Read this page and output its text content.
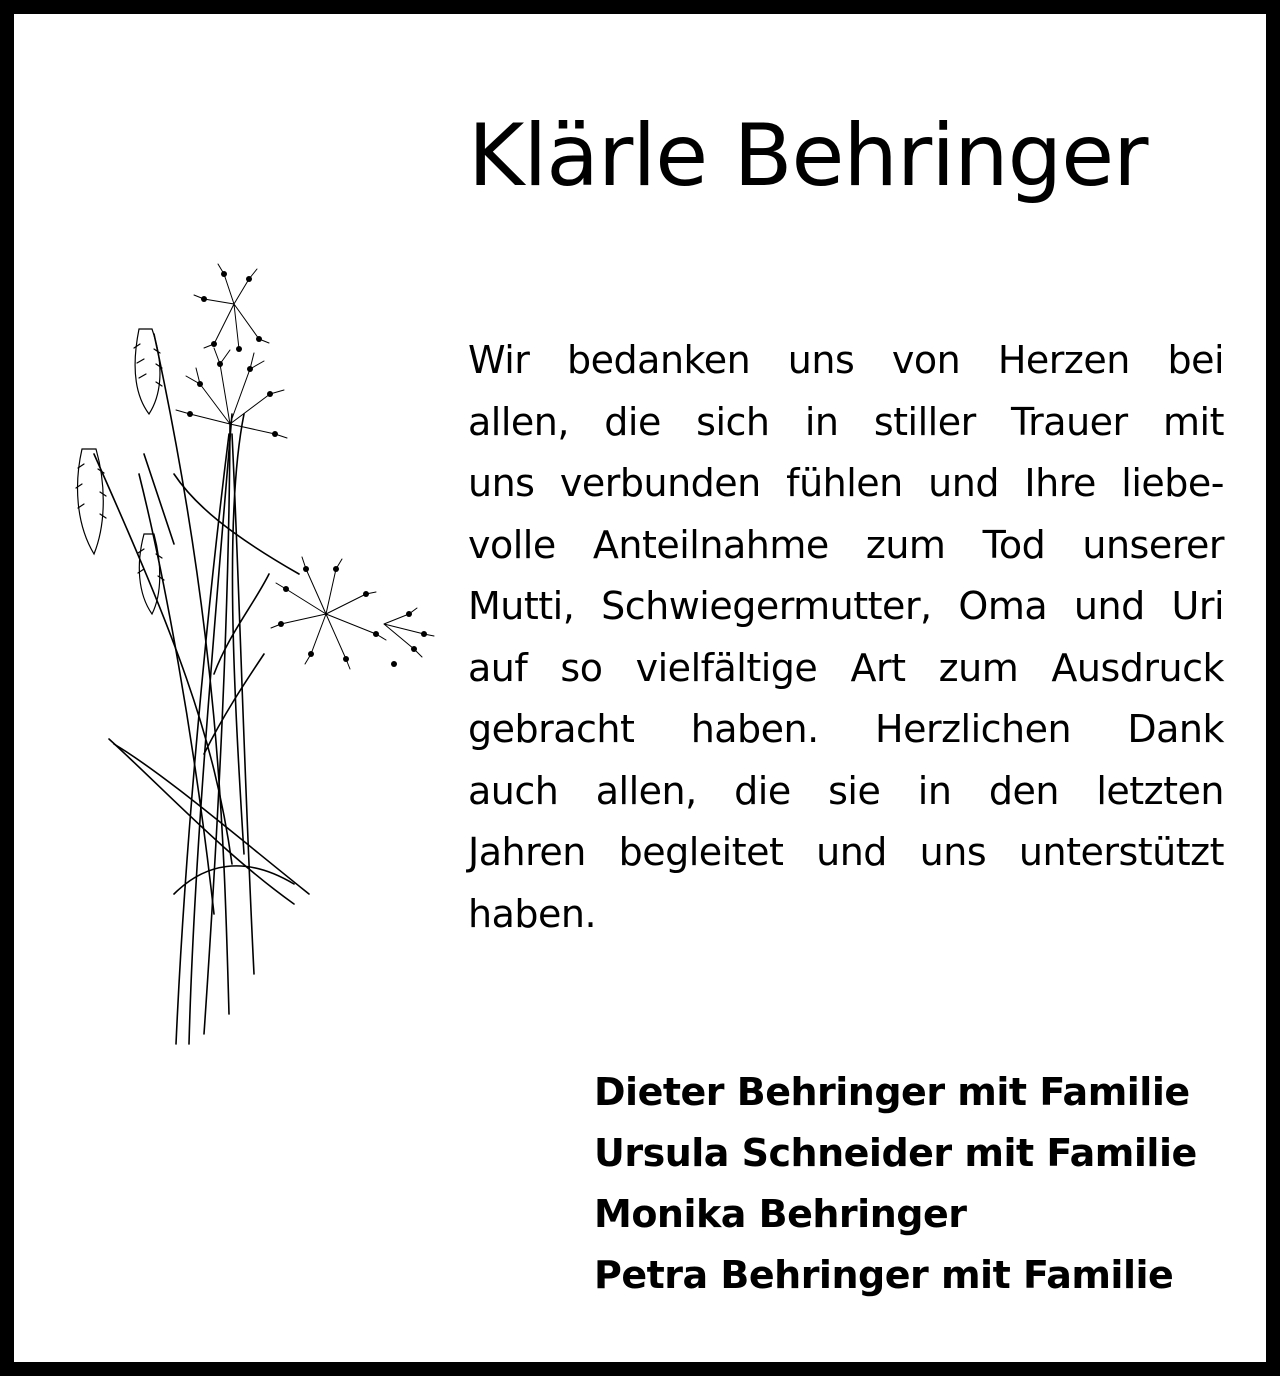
Klärle Behringer
Wir bedanken uns von Herzen bei
allen, die sich in stiller Trauer mit
uns verbunden fühlen und Ihre liebe-
volle Anteilnahme zum Tod unserer
Mutti, Schwiegermutter, Oma und Uri
auf so vielfältige Art zum Ausdruck
gebracht haben. Herzlichen Dank
auch allen, die sie in den letzten
Jahren begleitet und uns unterstützt
haben.
Dieter Behringer mit Familie
Ursula Schneider mit Familie
Monika Behringer
Petra Behringer mit Familie
